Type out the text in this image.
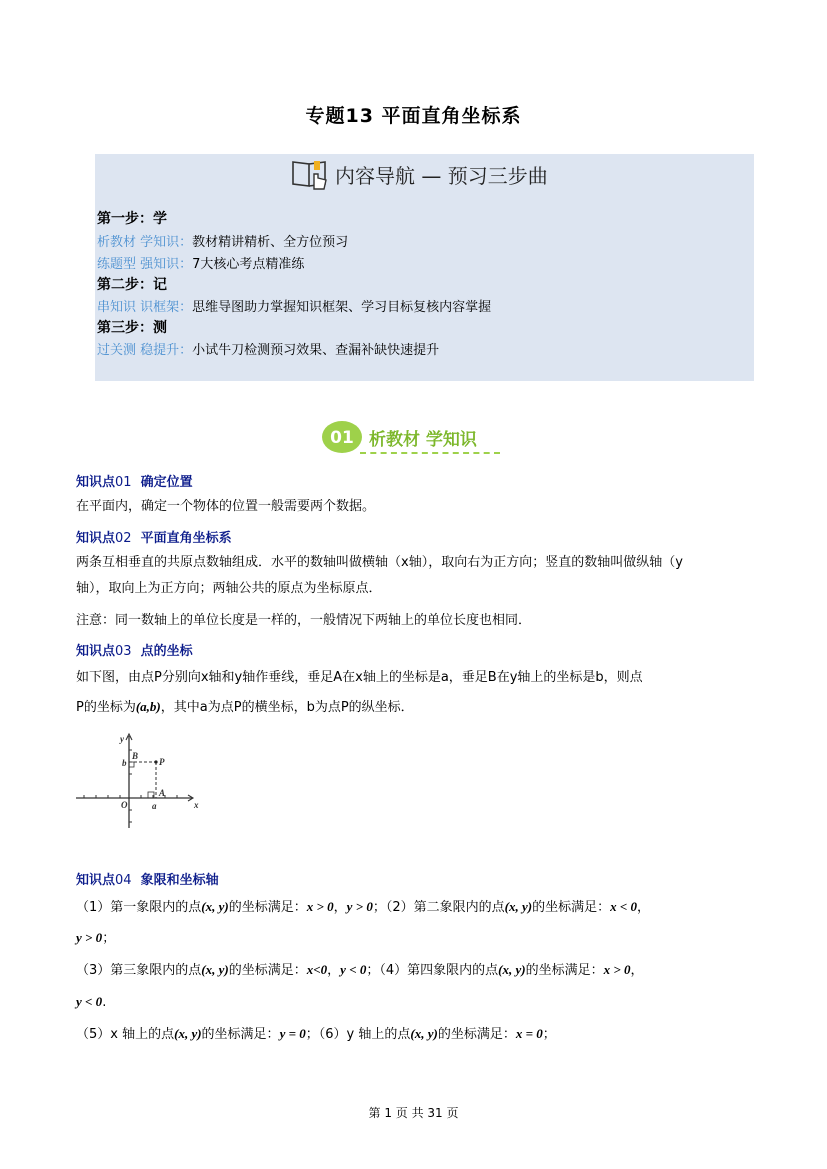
专题13 平面直角坐标系
内容导航 — 预习三步曲
第一步：学
析教材 学知识：教材精讲精析、全方位预习
练题型 强知识：7大核心考点精准练
第二步：记
串知识 识框架：思维导图助力掌握知识框架、学习目标复核内容掌握
第三步：测
过关测 稳提升：小试牛刀检测预习效果、查漏补缺快速提升
01 析教材 学知识
知识点01 确定位置
在平面内，确定一个物体的位置一般需要两个数据。
知识点02 平面直角坐标系
两条互相垂直的共原点数轴组成．水平的数轴叫做横轴（x轴），取向右为正方向；竖直的数轴叫做纵轴（y
轴），取向上为正方向；两轴公共的原点为坐标原点．
注意：同一数轴上的单位长度是一样的，一般情况下两轴上的单位长度也相同．
知识点03 点的坐标
如下图，由点P分别向x轴和y轴作垂线，垂足A在x轴上的坐标是a，垂足B在y轴上的坐标是b，则点
P的坐标为(a,b)，其中a为点P的横坐标，b为点P的纵坐标．
y
x
O	a
b
A
B
P
知识点04 象限和坐标轴
（1）第一象限内的点(x, y)的坐标满足：x > 0，y > 0；（2）第二象限内的点(x, y)的坐标满足：x < 0，
y > 0；
（3）第三象限内的点(x, y)的坐标满足：x<0，y < 0；（4）第四象限内的点(x, y)的坐标满足：x > 0，
y < 0.
（5）x 轴上的点(x, y)的坐标满足：y = 0；（6）y 轴上的点(x, y)的坐标满足：x = 0；
第 1 页 共 31 页
